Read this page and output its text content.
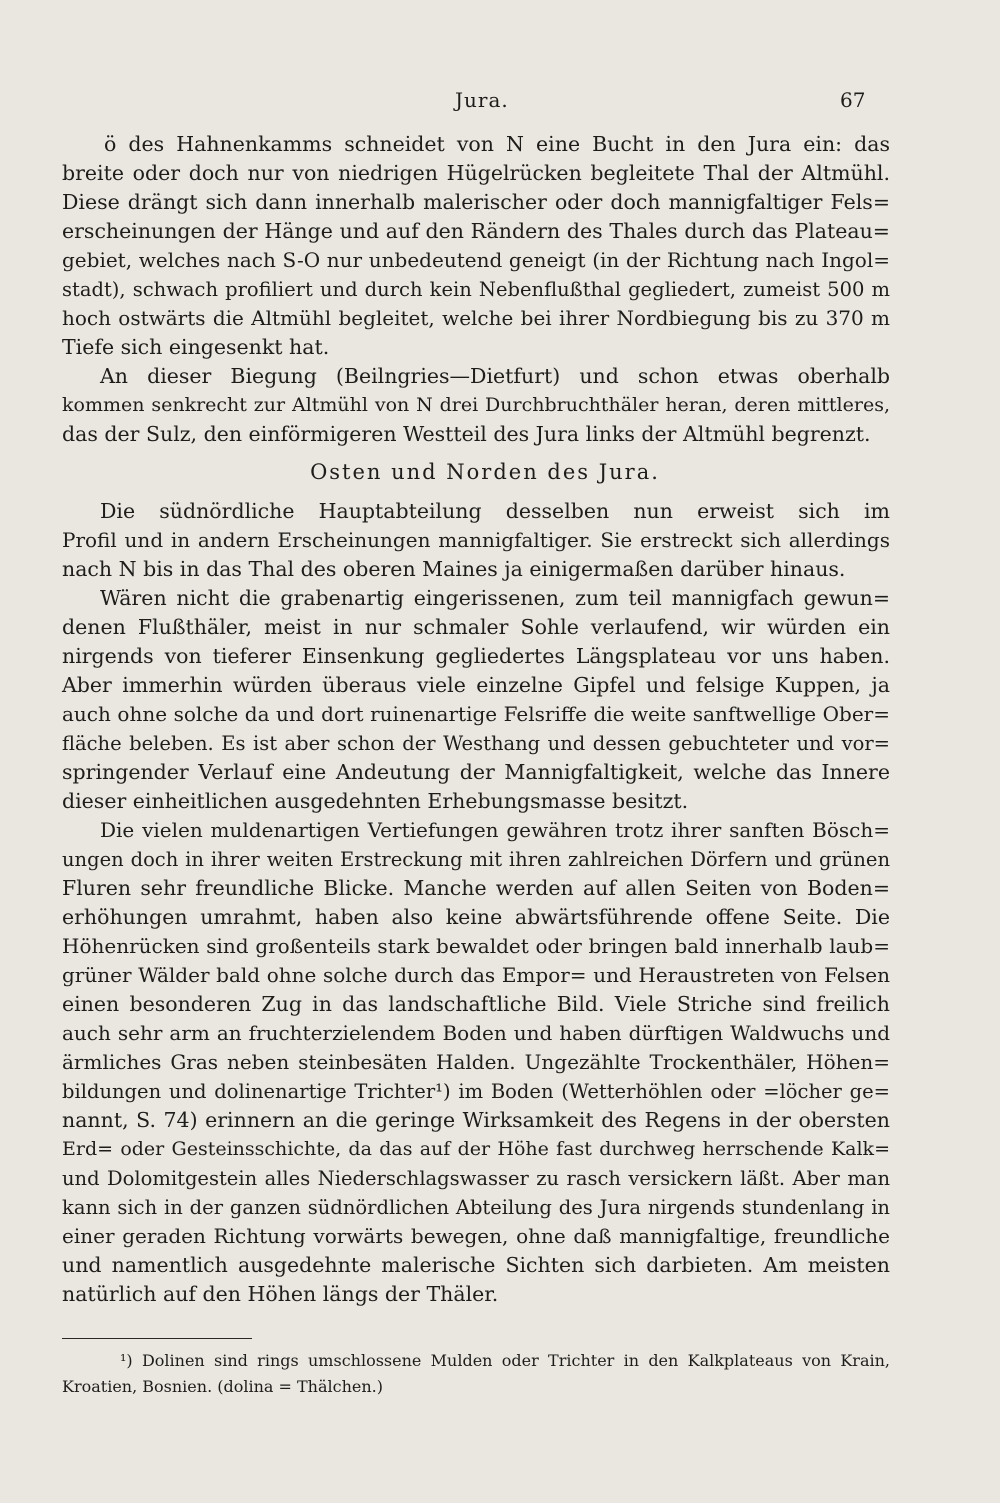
Jura.	67
ö des Hahnenkamms schneidet von N eine Bucht in den Jura ein: das
breite oder doch nur von niedrigen Hügelrücken begleitete Thal der Altmühl.
Diese drängt sich dann innerhalb malerischer oder doch mannigfaltiger Fels=
erscheinungen der Hänge und auf den Rändern des Thales durch das Plateau=
gebiet, welches nach S-O nur unbedeutend geneigt (in der Richtung nach Ingol=
stadt), schwach profiliert und durch kein Nebenflußthal gegliedert, zumeist 500 m
hoch ostwärts die Altmühl begleitet, welche bei ihrer Nordbiegung bis zu 370 m
Tiefe sich eingesenkt hat.
An dieser Biegung (Beilngries—Dietfurt) und schon etwas oberhalb
kommen senkrecht zur Altmühl von N drei Durchbruchthäler heran, deren mittleres,
das der Sulz, den einförmigeren Westteil des Jura links der Altmühl begrenzt.
Osten und Norden des Jura.
Die südnördliche Hauptabteilung desselben nun erweist sich im
Profil und in andern Erscheinungen mannigfaltiger. Sie erstreckt sich allerdings
nach N bis in das Thal des oberen Maines ja einigermaßen darüber hinaus.
Wären nicht die grabenartig eingerissenen, zum teil mannigfach gewun=
denen Flußthäler, meist in nur schmaler Sohle verlaufend, wir würden ein
nirgends von tieferer Einsenkung gegliedertes Längsplateau vor uns haben.
Aber immerhin würden überaus viele einzelne Gipfel und felsige Kuppen, ja
auch ohne solche da und dort ruinenartige Felsriffe die weite sanftwellige Ober=
fläche beleben. Es ist aber schon der Westhang und dessen gebuchteter und vor=
springender Verlauf eine Andeutung der Mannigfaltigkeit, welche das Innere
dieser einheitlichen ausgedehnten Erhebungsmasse besitzt.
Die vielen muldenartigen Vertiefungen gewähren trotz ihrer sanften Bösch=
ungen doch in ihrer weiten Erstreckung mit ihren zahlreichen Dörfern und grünen
Fluren sehr freundliche Blicke. Manche werden auf allen Seiten von Boden=
erhöhungen umrahmt, haben also keine abwärtsführende offene Seite. Die
Höhenrücken sind großenteils stark bewaldet oder bringen bald innerhalb laub=
grüner Wälder bald ohne solche durch das Empor= und Heraustreten von Felsen
einen besonderen Zug in das landschaftliche Bild. Viele Striche sind freilich
auch sehr arm an fruchterzielendem Boden und haben dürftigen Waldwuchs und
ärmliches Gras neben steinbesäten Halden. Ungezählte Trockenthäler, Höhen=
bildungen und dolinenartige Trichter¹) im Boden (Wetterhöhlen oder =löcher ge=
nannt, S. 74) erinnern an die geringe Wirksamkeit des Regens in der obersten
Erd= oder Gesteinsschichte, da das auf der Höhe fast durchweg herrschende Kalk=
und Dolomitgestein alles Niederschlagswasser zu rasch versickern läßt. Aber man
kann sich in der ganzen südnördlichen Abteilung des Jura nirgends stundenlang in
einer geraden Richtung vorwärts bewegen, ohne daß mannigfaltige, freundliche
und namentlich ausgedehnte malerische Sichten sich darbieten. Am meisten
natürlich auf den Höhen längs der Thäler.
¹) Dolinen sind rings umschlossene Mulden oder Trichter in den Kalkplateaus von Krain,
Kroatien, Bosnien. (dolina = Thälchen.)
